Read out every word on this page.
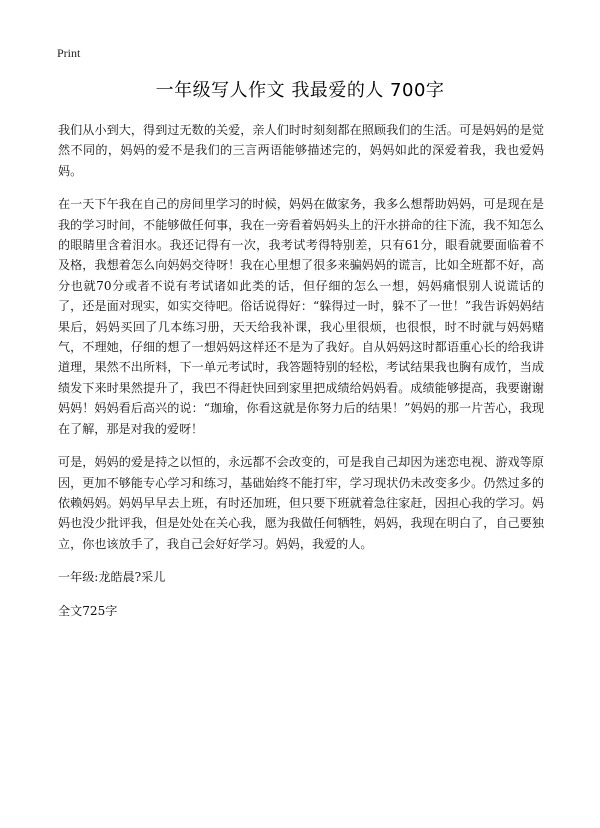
Print
一年级写人作文 我最爱的人 700字

我们从小到大，得到过无数的关爱，亲人们时时刻刻都在照顾我们的生活。可是妈妈的是觉然不同的，妈妈的爱不是我们的三言两语能够描述完的，妈妈如此的深爱着我，我也爱妈妈。

在一天下午我在自己的房间里学习的时候，妈妈在做家务，我多么想帮助妈妈，可是现在是我的学习时间，不能够做任何事，我在一旁看着妈妈头上的汗水拼命的往下流，我不知怎么的眼睛里含着泪水。我还记得有一次，我考试考得特别差，只有61分，眼看就要面临着不及格，我想着怎么向妈妈交待呀！我在心里想了很多来骗妈妈的谎言，比如全班都不好，高分也就70分或者不说有考试诸如此类的话，但仔细的怎么一想，妈妈痛恨别人说谎话的了，还是面对现实，如实交待吧。俗话说得好：“躲得过一时，躲不了一世！”我告诉妈妈结果后，妈妈买回了几本练习册，天天给我补课，我心里很烦，也很恨，时不时就与妈妈赌气，不理她，仔细的想了一想妈妈这样还不是为了我好。自从妈妈这时都语重心长的给我讲道理，果然不出所料，下一单元考试时，我答题特别的轻松，考试结果我也胸有成竹，当成绩发下来时果然提升了，我巴不得赶快回到家里把成绩给妈妈看。成绩能够提高，我要谢谢妈妈！妈妈看后高兴的说：“珈瑜，你看这就是你努力后的结果！”妈妈的那一片苦心，我现在了解，那是对我的爱呀！

可是，妈妈的爱是持之以恒的，永远都不会改变的，可是我自己却因为迷恋电视、游戏等原因，更加不够能专心学习和练习，基础始终不能打牢，学习现状仍未改变多少。仍然过多的依赖妈妈。妈妈早早去上班，有时还加班，但只要下班就着急往家赶，因担心我的学习。妈妈也没少批评我，但是处处在关心我，愿为我做任何牺牲，妈妈，我现在明白了，自己要独立，你也该放手了，我自己会好好学习。妈妈，我爱的人。

一年级:龙皓晨?采儿

全文725字
